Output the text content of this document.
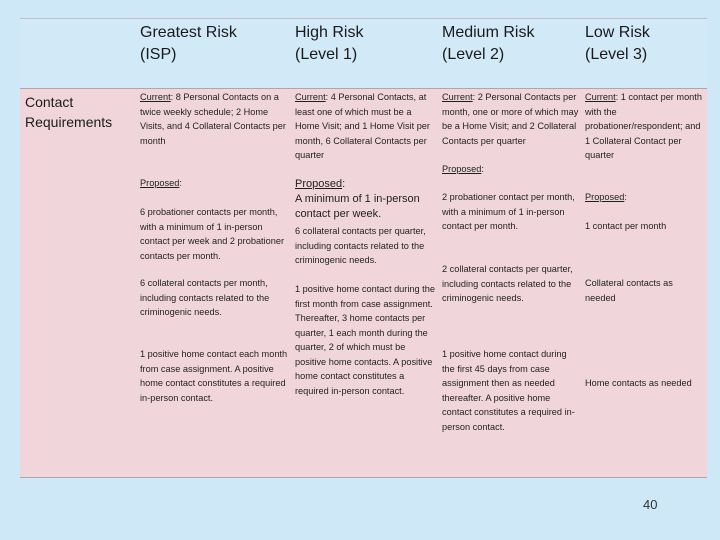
Greatest Risk
(ISP)
High Risk
(Level 1)
Medium Risk
(Level 2)
Low Risk
(Level 3)
Contact
Requirements

Current: 8 Personal Contacts on a twice weekly schedule; 2 Home Visits, and 4 Collateral Contacts per month

Proposed:

6 probationer contacts per month, with a minimum of 1 in-person contact per week and 2 probationer contacts per month.

6 collateral contacts per month, including contacts related to the criminogenic needs.

1 positive home contact each month from case assignment. A positive home contact constitutes a required in-person contact.

Current: 4 Personal Contacts, at least one of which must be a Home Visit; and 1 Home Visit per month, 6 Collateral Contacts per quarter

Proposed:

A minimum of 1 in-person contact per week.

6 collateral contacts per quarter, including contacts related to the criminogenic needs.

1 positive home contact during the first month from case assignment. Thereafter, 3 home contacts per quarter, 1 each month during the quarter, 2 of which must be positive home contacts. A positive home contact constitutes a required in-person contact.

Current: 2 Personal Contacts per month, one or more of which may be a Home Visit; and 2 Collateral Contacts per quarter

Proposed:

2 probationer contact per month, with a minimum of 1 in-person contact per month.

2 collateral contacts per quarter, including contacts related to the criminogenic needs.

1 positive home contact during the first 45 days from case assignment then as needed thereafter. A positive home contact constitutes a required in-person contact.

Current: 1 contact per month with the probationer/respondent; and 1 Collateral Contact per quarter

Proposed:

1 contact per month

Collateral contacts as needed

Home contacts as needed

40
